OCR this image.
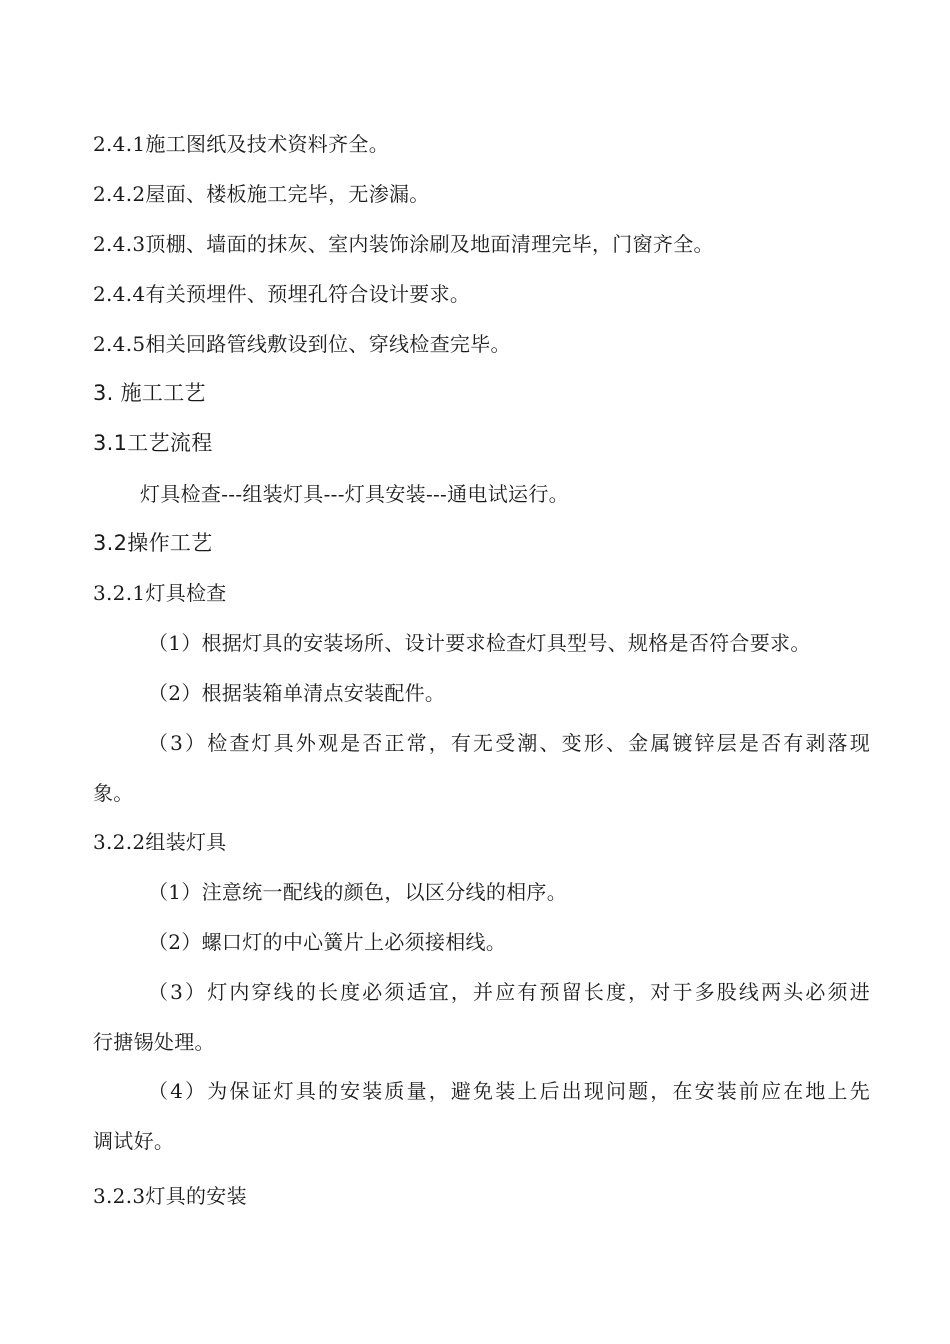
2.4.1施工图纸及技术资料齐全。
2.4.2屋面、楼板施工完毕，无渗漏。
2.4.3顶棚、墙面的抹灰、室内装饰涂刷及地面清理完毕，门窗齐全。
2.4.4有关预埋件、预埋孔符合设计要求。
2.4.5相关回路管线敷设到位、穿线检查完毕。
3. 施工工艺
3.1工艺流程
灯具检查---组装灯具---灯具安装---通电试运行。
3.2操作工艺
3.2.1灯具检查
（1）根据灯具的安装场所、设计要求检查灯具型号、规格是否符合要求。
（2）根据装箱单清点安装配件。
（3）检查灯具外观是否正常，有无受潮、变形、金属镀锌层是否有剥落现
象。
3.2.2组装灯具
（1）注意统一配线的颜色，以区分线的相序。
（2）螺口灯的中心簧片上必须接相线。
（3）灯内穿线的长度必须适宜，并应有预留长度，对于多股线两头必须进
行搪锡处理。
（4）为保证灯具的安装质量，避免装上后出现问题，在安装前应在地上先
调试好。
3.2.3灯具的安装
